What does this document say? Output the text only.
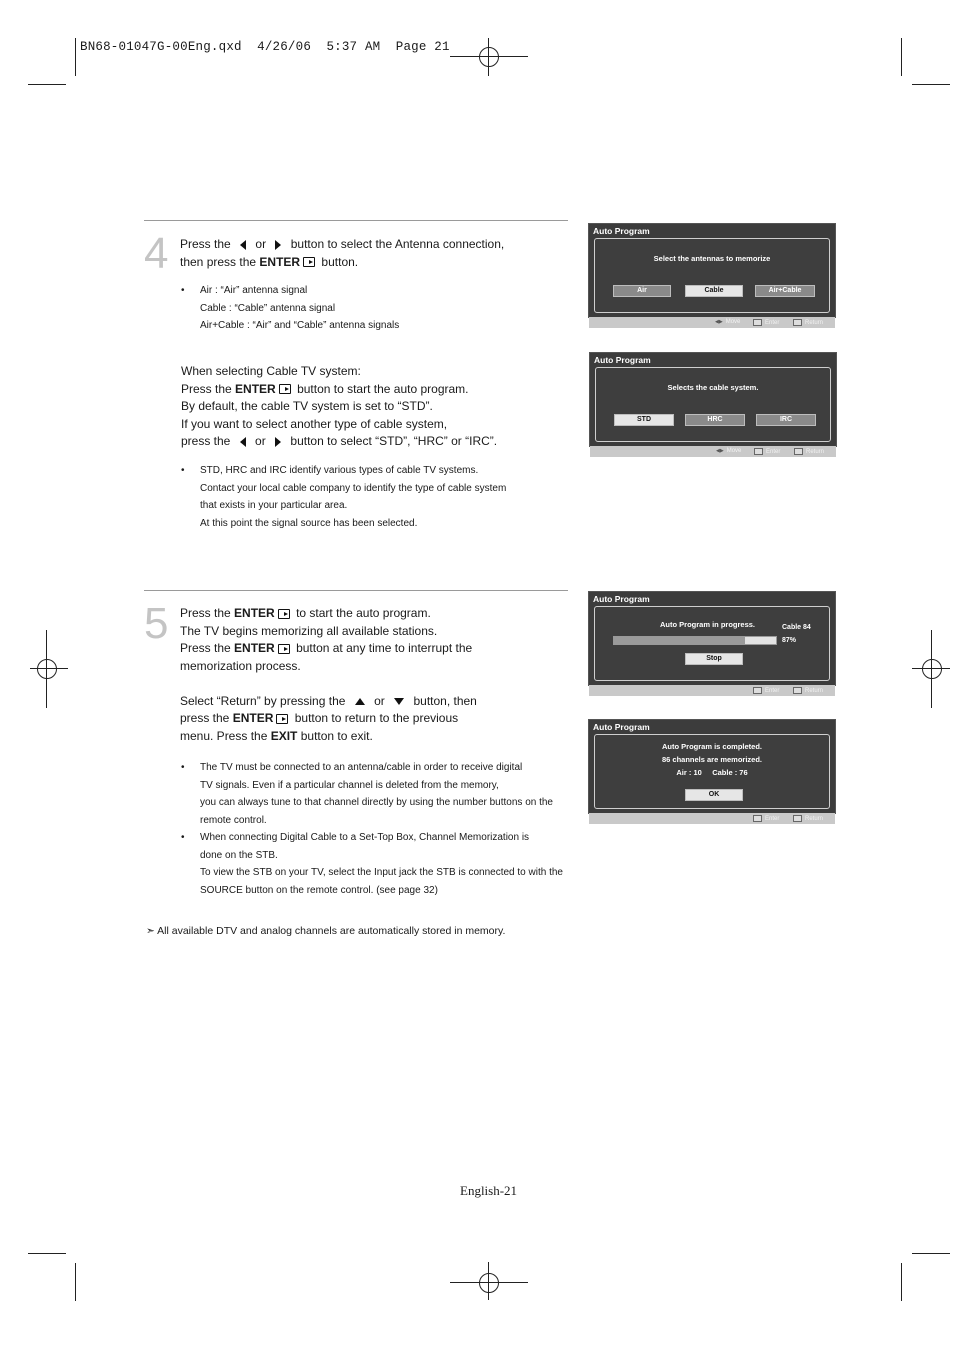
BN68-01047G-00Eng.qxd  4/26/06  5:37 AM  Page 21
4 Press the or button to select the Antenna connection,
then press the ENTER button.
• Air : “Air” antenna signal
Cable : “Cable” antenna signal
Air+Cable : “Air” and “Cable” antenna signals
When selecting Cable TV system:
Press the ENTER button to start the auto program.
By default, the cable TV system is set to “STD”.
If you want to select another type of cable system,
press the or button to select “STD”, “HRC” or “IRC”.
• STD, HRC and IRC identify various types of cable TV systems.
Contact your local cable company to identify the type of cable system
that exists in your particular area.
At this point the signal source has been selected.
5 Press the ENTER to start the auto program.
The TV begins memorizing all available stations.
Press the ENTER button at any time to interrupt the
memorization process.
Select “Return” by pressing the or button, then
press the ENTER button to return to the previous
menu. Press the EXIT button to exit.
• The TV must be connected to an antenna/cable in order to receive digital
TV signals. Even if a particular channel is deleted from the memory,
you can always tune to that channel directly by using the number buttons on the
remote control.
• When connecting Digital Cable to a Set-Top Box, Channel Memorization is
done on the STB.
To view the STB on your TV, select the Input jack the STB is connected to with the
SOURCE button on the remote control. (see page 32)
➣ All available DTV and analog channels are automatically stored in memory.
English-21
Auto Program
Select the antennas to memorize
Air	Cable	Air+Cable
◀▶ Move	Enter	Return
Auto Program
Selects the cable system.
STD	HRC	IRC
◀▶ Move	Enter	Return
Auto Program
Auto Program in progress.	Cable 84
87%
Stop
Enter	Return
Auto Program
Auto Program is completed.
86 channels are memorized.
Air : 10     Cable : 76
OK
Enter	Return
